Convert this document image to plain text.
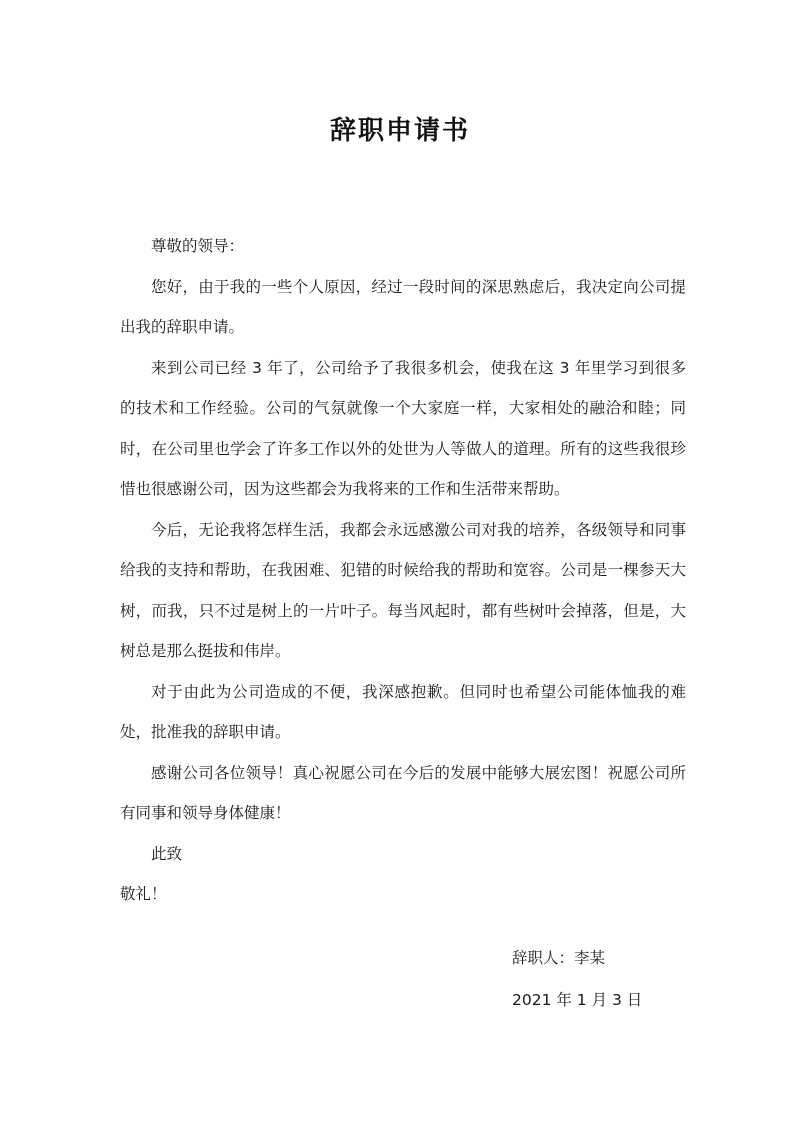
辞职申请书

尊敬的领导：

您好，由于我的一些个人原因，经过一段时间的深思熟虑后，我决定向公司提出我的辞职申请。

来到公司已经 3 年了，公司给予了我很多机会，使我在这 3 年里学习到很多的技术和工作经验。公司的气氛就像一个大家庭一样，大家相处的融洽和睦；同时，在公司里也学会了许多工作以外的处世为人等做人的道理。所有的这些我很珍惜也很感谢公司，因为这些都会为我将来的工作和生活带来帮助。

今后，无论我将怎样生活，我都会永远感激公司对我的培养，各级领导和同事给我的支持和帮助，在我困难、犯错的时候给我的帮助和宽容。公司是一棵参天大树，而我，只不过是树上的一片叶子。每当风起时，都有些树叶会掉落，但是，大树总是那么挺拔和伟岸。

对于由此为公司造成的不便，我深感抱歉。但同时也希望公司能体恤我的难处，批准我的辞职申请。

感谢公司各位领导！真心祝愿公司在今后的发展中能够大展宏图！祝愿公司所有同事和领导身体健康！

此致

敬礼！

辞职人：李某
2021 年 1 月 3 日
